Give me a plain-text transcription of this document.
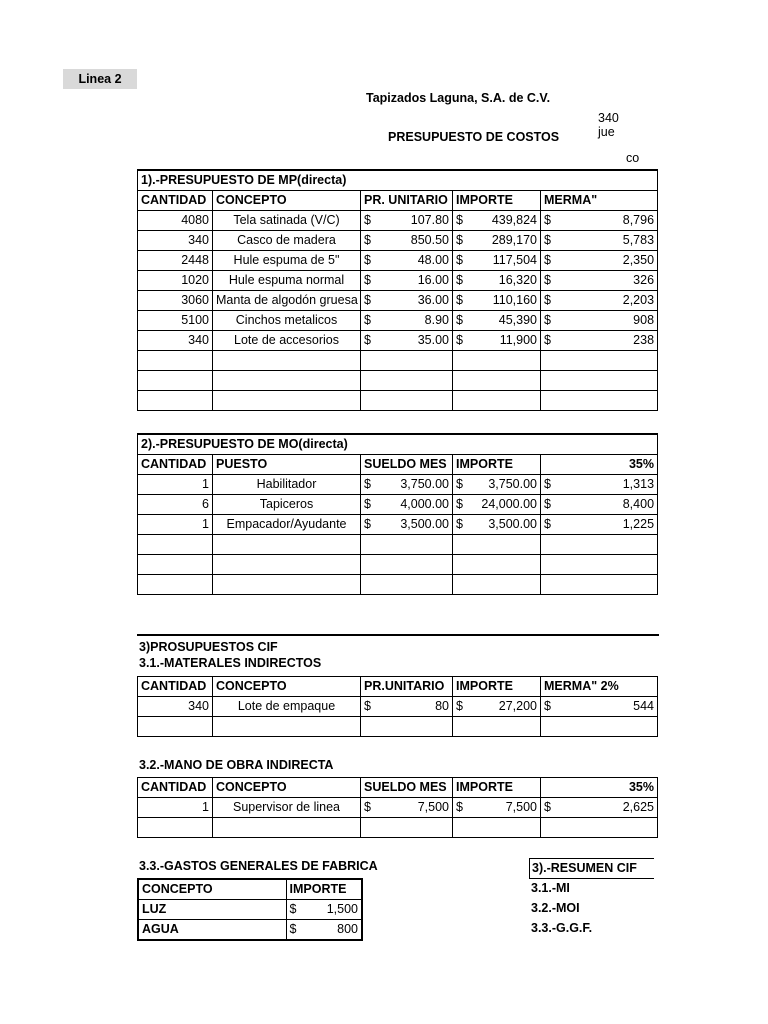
Linea 2
Tapizados Laguna, S.A. de C.V.
340 jue
PRESUPUESTO DE COSTOS
co
1).-PRESUPUESTO DE MP(directa)				
CANTIDAD	CONCEPTO	PR. UNITARIO	IMPORTE	MERMA"
4080	Tela satinada (V/C)	$ 107.80	$ 439,824	$ 8,796

340	Casco de madera	$ 850.50	$ 289,170	$ 5,783

2448	Hule espuma de 5"	$ 48.00	$ 117,504	$ 2,350

1020	Hule espuma normal	$ 16.00	$ 16,320	$ 326

3060	Manta de algodón gruesa	$ 36.00	$ 110,160	$ 2,203

5100	Cinchos metalicos	$ 8.90	$ 45,390	$ 908

340	Lote de accesorios	$ 35.00	$ 11,900	$ 238

2).-PRESUPUESTO DE MO(directa)				
CANTIDAD	PUESTO	SUELDO MES	IMPORTE	35%
1	Habilitador	$ 3,750.00	$ 3,750.00	$ 1,313

6	Tapiceros	$ 4,000.00	$ 24,000.00	$ 8,400

1	Empacador/Ayudante	$ 3,500.00	$ 3,500.00	$ 1,225

3)PROSUPUESTOS CIF
3.1.-MATERALES INDIRECTOS
CANTIDAD	CONCEPTO	PR.UNITARIO	IMPORTE	MERMA" 2%
340	Lote de empaque	$ 80	$ 27,200	$ 544

3.2.-MANO DE OBRA INDIRECTA
CANTIDAD	CONCEPTO	SUELDO MES	IMPORTE	35%
1	Supervisor de linea	$ 7,500	$ 7,500	$ 2,625

3.3.-GASTOS GENERALES DE FABRICA
CONCEPTO	IMPORTE
LUZ	$ 1,500

AGUA	$ 800
3).-RESUMEN CIF
3.1.-MI
3.2.-MOI
3.3.-G.G.F.
